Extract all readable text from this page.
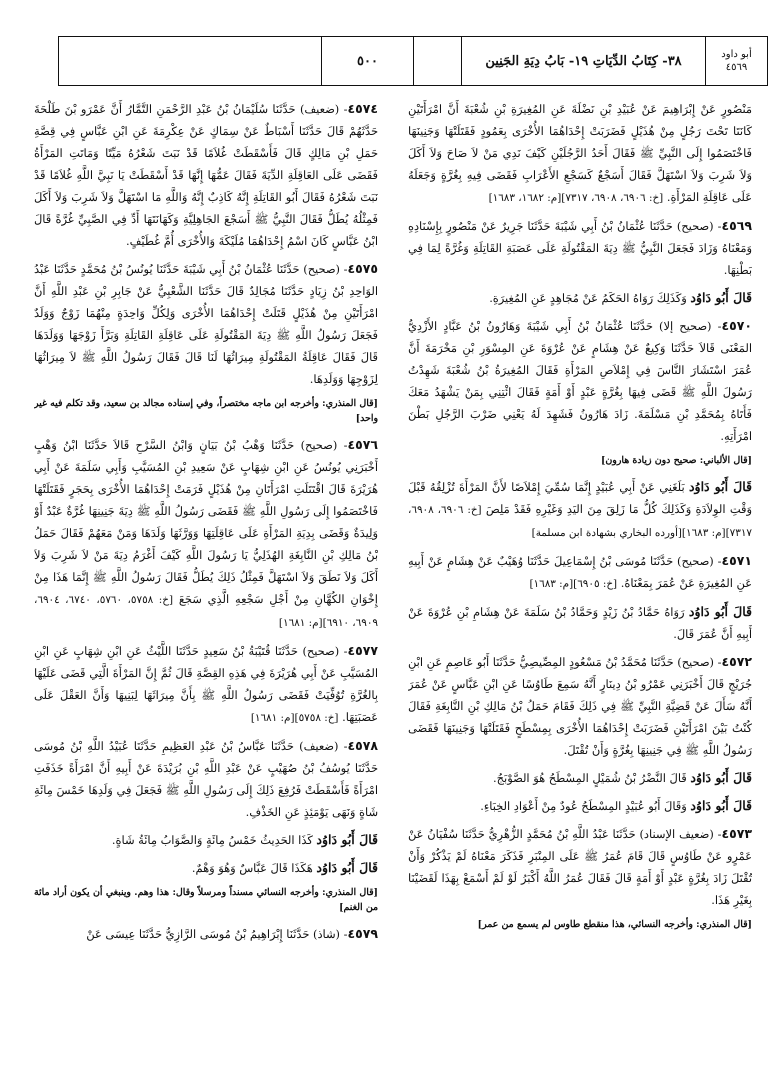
أبو داود
٤٥٦٩
٣٨- كِتَابُ الدِّيَاتِ ١٩- بَابُ دِيَةِ الجَنِين
٥٠٠
مَنْصُورٍ عَنْ إِبْرَاهِيمَ عَنْ عُبَيْدِ بْنِ نَضْلَةَ عَنِ المُغِيرَةِ بْنِ شُعْبَةَ أَنَّ امْرَأَتَيْنِ كَانَتَا تَحْتَ رَجُلٍ مِنْ هُذَيْلٍ فَضَرَبَتْ إِحْدَاهُمَا الأُخْرَى بِعَمُودٍ فَقَتَلَتْهَا وَجَنِينَهَا فَاخْتَصَمُوا إِلَى النَّبِيِّ ﷺ فَقَالَ أَحَدُ الرَّجُلَيْنِ كَيْفَ نَدِي مَنْ لاَ صَاحَ وَلاَ أَكَلَ وَلاَ شَرِبَ وَلاَ اسْتَهَلَّ فَقَالَ أَسَجْعٌ كَسَجْعِ الأَعْرَابِ فَقَضَى فِيهِ بِغُرَّةٍ وَجَعَلَهُ عَلَى عَاقِلَةِ المَرْأَةِ. [خ: ٦٩٠٦، ٦٩٠٨، ٧٣١٧][م: ١٦٨٢، ١٦٨٣]
٤٥٦٩- (صحيح) حَدَّثَنَا عُثْمَانُ بْنُ أَبِي شَيْبَةَ حَدَّثَنَا جَرِيرٌ عَنْ مَنْصُورٍ بِإِسْنَادِهِ وَمَعْنَاهُ وَزَادَ فَجَعَلَ النَّبِيُّ ﷺ دِيَةَ المَقْتُولَةِ عَلَى عَصَبَةِ القَاتِلَةِ وَغُرَّةً لِمَا فِي بَطْنِهَا.
قَالَ أَبُو دَاوُد وَكَذَلِكَ رَوَاهُ الحَكَمُ عَنْ مُجَاهِدٍ عَنِ المُغِيرَةِ.
٤٥٧٠- (صحيح إلا) حَدَّثَنَا عُثْمَانُ بْنُ أَبِي شَيْبَةَ وَهَارُونُ بْنُ عَبَّادٍ الأَزْدِيُّ المَعْنَى قَالاَ حَدَّثَنَا وَكِيعٌ عَنْ هِشَامٍ عَنْ عُرْوَةَ عَنِ المِسْوَرِ بْنِ مَخْرَمَةَ أَنَّ عُمَرَ اسْتَشَارَ النَّاسَ فِي إِمْلاَصِ المَرْأَةِ فَقَالَ المُغِيرَةُ بْنُ شُعْبَةَ شَهِدْتُ رَسُولَ اللَّهِ ﷺ قَضَى فِيهَا بِغُرَّةٍ عَبْدٍ أَوْ أَمَةٍ فَقَالَ ائْتِنِي بِمَنْ يَشْهَدُ مَعَكَ فَأَتَاهُ بِمُحَمَّدِ بْنِ مَسْلَمَةَ. زَادَ هَارُونُ فَشَهِدَ لَهُ يَعْنِي ضَرْبَ الرَّجُلِ بَطْنَ امْرَأَتِهِ.
[قال الألباني: صحيح دون زيادة هارون]
قَالَ أَبُو دَاوُد بَلَغَنِي عَنْ أَبِي عُبَيْدٍ إِنَّمَا سُمِّيَ إِمْلاَصًا لأَنَّ المَرْأَةَ تُزْلِقُهُ قَبْلَ وَقْتِ الوِلاَدَةِ وَكَذَلِكَ كُلُّ مَا زَلِقَ مِنَ اليَدِ وَغَيْرِهِ فَقَدْ مَلِصَ [خ: ٦٩٠٦، ٦٩٠٨، ٧٣١٧][م: ١٦٨٣][أورده البخاري بشهادة ابن مسلمة]
٤٥٧١- (صحيح) حَدَّثَنَا مُوسَى بْنُ إِسْمَاعِيلَ حَدَّثَنَا وُهَيْبٌ عَنْ هِشَامٍ عَنْ أَبِيهِ عَنِ المُغِيرَةِ عَنْ عُمَرَ بِمَعْنَاهُ. [خ: ٦٩٠٥][م: ١٦٨٣]
قَالَ أَبُو دَاوُد رَوَاهُ حَمَّادُ بْنُ زَيْدٍ وَحَمَّادُ بْنُ سَلَمَةَ عَنْ هِشَامِ بْنِ عُرْوَةَ عَنْ أَبِيهِ أَنَّ عُمَرَ قَالَ.
٤٥٧٢- (صحيح) حَدَّثَنَا مُحَمَّدُ بْنُ مَسْعُودٍ المِصِّيصِيُّ حَدَّثَنَا أَبُو عَاصِمٍ عَنِ ابْنِ جُرَيْجٍ قَالَ أَخْبَرَنِي عَمْرُو بْنُ دِينَارٍ أَنَّهُ سَمِعَ طَاوُسًا عَنِ ابْنِ عَبَّاسٍ عَنْ عُمَرَ أَنَّهُ سَأَلَ عَنْ قَضِيَّةِ النَّبِيِّ ﷺ فِي ذَلِكَ فَقَامَ حَمَلُ بْنُ مَالِكِ بْنِ النَّابِغَةِ فَقَالَ كُنْتُ بَيْنَ امْرَأَتَيْنِ فَضَرَبَتْ إِحْدَاهُمَا الأُخْرَى بِمِسْطَحٍ فَقَتَلَتْهَا وَجَنِينَهَا فَقَضَى رَسُولُ اللَّهِ ﷺ فِي جَنِينِهَا بِغُرَّةٍ وَأَنْ تُقْتَلَ.
قَالَ أَبُو دَاوُد قَالَ النَّضْرُ بْنُ شُمَيْلٍ المِسْطَحُ هُوَ الصَّوْبَجُ.
قَالَ أَبُو دَاوُد وَقَالَ أَبُو عُبَيْدٍ المِسْطَحُ عُودٌ مِنْ أَعْوَادِ الخِبَاءِ.
٤٥٧٣- (ضعيف الإسناد) حَدَّثَنَا عَبْدُ اللَّهِ بْنُ مُحَمَّدٍ الزُّهْرِيُّ حَدَّثَنَا سُفْيَانُ عَنْ عَمْرٍو عَنْ طَاوُسٍ قَالَ قَامَ عُمَرُ ﷺ عَلَى المِنْبَرِ فَذَكَرَ مَعْنَاهُ لَمْ يَذْكُرْ وَأَنْ تُقْتَلَ زَادَ بِغُرَّةٍ عَبْدٍ أَوْ أَمَةٍ قَالَ فَقَالَ عُمَرُ اللَّهُ أَكْبَرُ لَوْ لَمْ أَسْمَعْ بِهَذَا لَقَضَيْنَا بِغَيْرِ هَذَا.
[قال المنذري: وأخرجه النسائي، هذا منقطع طاوس لم يسمع من عمر]
٤٥٧٤- (ضعيف) حَدَّثَنَا سُلَيْمَانُ بْنُ عَبْدِ الرَّحْمَنِ التَّمَّارُ أَنَّ عَمْرَو بْنَ طَلْحَةَ حَدَّثَهُمْ قَالَ حَدَّثَنَا أَسْبَاطٌ عَنْ سِمَاكٍ عَنْ عِكْرِمَةَ عَنِ ابْنِ عَبَّاسٍ فِي قِصَّةِ حَمَلِ بْنِ مَالِكٍ قَالَ فَأَسْقَطَتْ غُلاَمًا قَدْ نَبَتَ شَعْرُهُ مَيِّتًا وَمَاتَتِ المَرْأَةُ فَقَضَى عَلَى العَاقِلَةِ الدِّيَةَ فَقَالَ عَمُّهَا إِنَّهَا قَدْ أَسْقَطَتْ يَا نَبِيَّ اللَّهِ غُلاَمًا قَدْ نَبَتَ شَعْرُهُ فَقَالَ أَبُو القَاتِلَةِ إِنَّهُ كَاذِبٌ إِنَّهُ وَاللَّهِ مَا اسْتَهَلَّ وَلاَ شَرِبَ وَلاَ أَكَلَ فَمِثْلُهُ يُطَلُّ فَقَالَ النَّبِيُّ ﷺ أَسَجْعَ الجَاهِلِيَّةِ وَكَهَانَتَهَا أَدِّ فِي الصَّبِيِّ غُرَّةً قَالَ ابْنُ عَبَّاسٍ كَانَ اسْمُ إِحْدَاهُمَا مُلَيْكَةَ وَالأُخْرَى أُمَّ غُطَيْفٍ.
٤٥٧٥- (صحيح) حَدَّثَنَا عُثْمَانُ بْنُ أَبِي شَيْبَةَ حَدَّثَنَا يُونُسُ بْنُ مُحَمَّدٍ حَدَّثَنَا عَبْدُ الوَاحِدِ بْنُ زِيَادٍ حَدَّثَنَا مُجَالِدٌ قَالَ حَدَّثَنَا الشَّعْبِيُّ عَنْ جَابِرِ بْنِ عَبْدِ اللَّهِ أَنَّ امْرَأَتَيْنِ مِنْ هُذَيْلٍ قَتَلَتْ إِحْدَاهُمَا الأُخْرَى وَلِكُلِّ وَاحِدَةٍ مِنْهُمَا زَوْجٌ وَوَلَدٌ فَجَعَلَ رَسُولُ اللَّهِ ﷺ دِيَةَ المَقْتُولَةِ عَلَى عَاقِلَةِ القَاتِلَةِ وَبَرَّأَ زَوْجَهَا وَوَلَدَهَا قَالَ فَقَالَ عَاقِلَةُ المَقْتُولَةِ مِيرَاثُهَا لَنَا قَالَ فَقَالَ رَسُولُ اللَّهِ ﷺ لاَ مِيرَاثُهَا لِزَوْجِهَا وَوَلَدِهَا.
[قال المنذري: وأخرجه ابن ماجه مختصراً، وفي إسناده مجالد بن سعيد، وقد تكلم فيه غير واحد]
٤٥٧٦- (صحيح) حَدَّثَنَا وَهْبُ بْنُ بَيَانٍ وَابْنُ السَّرْحِ قَالاَ حَدَّثَنَا ابْنُ وَهْبٍ أَخْبَرَنِي يُونُسُ عَنِ ابْنِ شِهَابٍ عَنْ سَعِيدِ بْنِ المُسَيَّبِ وَأَبِي سَلَمَةَ عَنْ أَبِي هُرَيْرَةَ قَالَ اقْتَتَلَتِ امْرَأَتَانِ مِنْ هُذَيْلٍ فَرَمَتْ إِحْدَاهُمَا الأُخْرَى بِحَجَرٍ فَقَتَلَتْهَا فَاخْتَصَمُوا إِلَى رَسُولِ اللَّهِ ﷺ فَقَضَى رَسُولُ اللَّهِ ﷺ دِيَةَ جَنِينِهَا غُرَّةٌ عَبْدٌ أَوْ وَلِيدَةٌ وَقَضَى بِدِيَةِ المَرْأَةِ عَلَى عَاقِلَتِهَا وَوَرَّثَهَا وَلَدَهَا وَمَنْ مَعَهُمْ فَقَالَ حَمَلُ بْنُ مَالِكِ بْنِ النَّابِغَةِ الهُذَلِيُّ يَا رَسُولَ اللَّهِ كَيْفَ أَغْرَمُ دِيَةَ مَنْ لاَ شَرِبَ وَلاَ أَكَلَ وَلاَ نَطَقَ وَلاَ اسْتَهَلَّ فَمِثْلُ ذَلِكَ يُطَلُّ فَقَالَ رَسُولُ اللَّهِ ﷺ إِنَّمَا هَذَا مِنْ إِخْوَانِ الكُهَّانِ مِنْ أَجْلِ سَجْعِهِ الَّذِي سَجَعَ [خ: ٥٧٥٨، ٥٧٦٠، ٦٧٤٠، ٦٩٠٤، ٦٩٠٩، ٦٩١٠][م: ١٦٨١]
٤٥٧٧- (صحيح) حَدَّثَنَا قُتَيْبَةُ بْنُ سَعِيدٍ حَدَّثَنَا اللَّيْثُ عَنِ ابْنِ شِهَابٍ عَنِ ابْنِ المُسَيَّبِ عَنْ أَبِي هُرَيْرَةَ فِي هَذِهِ القِصَّةِ قَالَ ثُمَّ إِنَّ المَرْأَةَ الَّتِي قَضَى عَلَيْهَا بِالغُرَّةِ تُوُفِّيَتْ فَقَضَى رَسُولُ اللَّهِ ﷺ بِأَنَّ مِيرَاثَهَا لِبَنِيهَا وَأَنَّ العَقْلَ عَلَى عَصَبَتِهَا. [خ: ٥٧٥٨][م: ١٦٨١]
٤٥٧٨- (ضعيف) حَدَّثَنَا عَبَّاسُ بْنُ عَبْدِ العَظِيمِ حَدَّثَنَا عُبَيْدُ اللَّهِ بْنُ مُوسَى حَدَّثَنَا يُوسُفُ بْنُ صُهَيْبٍ عَنْ عَبْدِ اللَّهِ بْنِ بُرَيْدَةَ عَنْ أَبِيهِ أَنَّ امْرَأَةً خَذَفَتِ امْرَأَةً فَأَسْقَطَتْ فَرُفِعَ ذَلِكَ إِلَى رَسُولِ اللَّهِ ﷺ فَجَعَلَ فِي وَلَدِهَا خَمْسَ مِائَةِ شَاةٍ وَنَهَى يَوْمَئِذٍ عَنِ الخَذْفِ.
قَالَ أَبُو دَاوُد كَذَا الحَدِيثُ خَمْسُ مِائَةٍ وَالصَّوَابُ مِائَةُ شَاةٍ.
قَالَ أَبُو دَاوُد هَكَذَا قَالَ عَبَّاسٌ وَهُوَ وَهْمٌ.
[قال المنذري: وأخرجه النسائي مسنداً ومرسلاً وقال: هذا وهم. وينبغي أن يكون أراد مائة من الغنم]
٤٥٧٩- (شاذ) حَدَّثَنَا إِبْرَاهِيمُ بْنُ مُوسَى الرَّازِيُّ حَدَّثَنَا عِيسَى عَنْ
